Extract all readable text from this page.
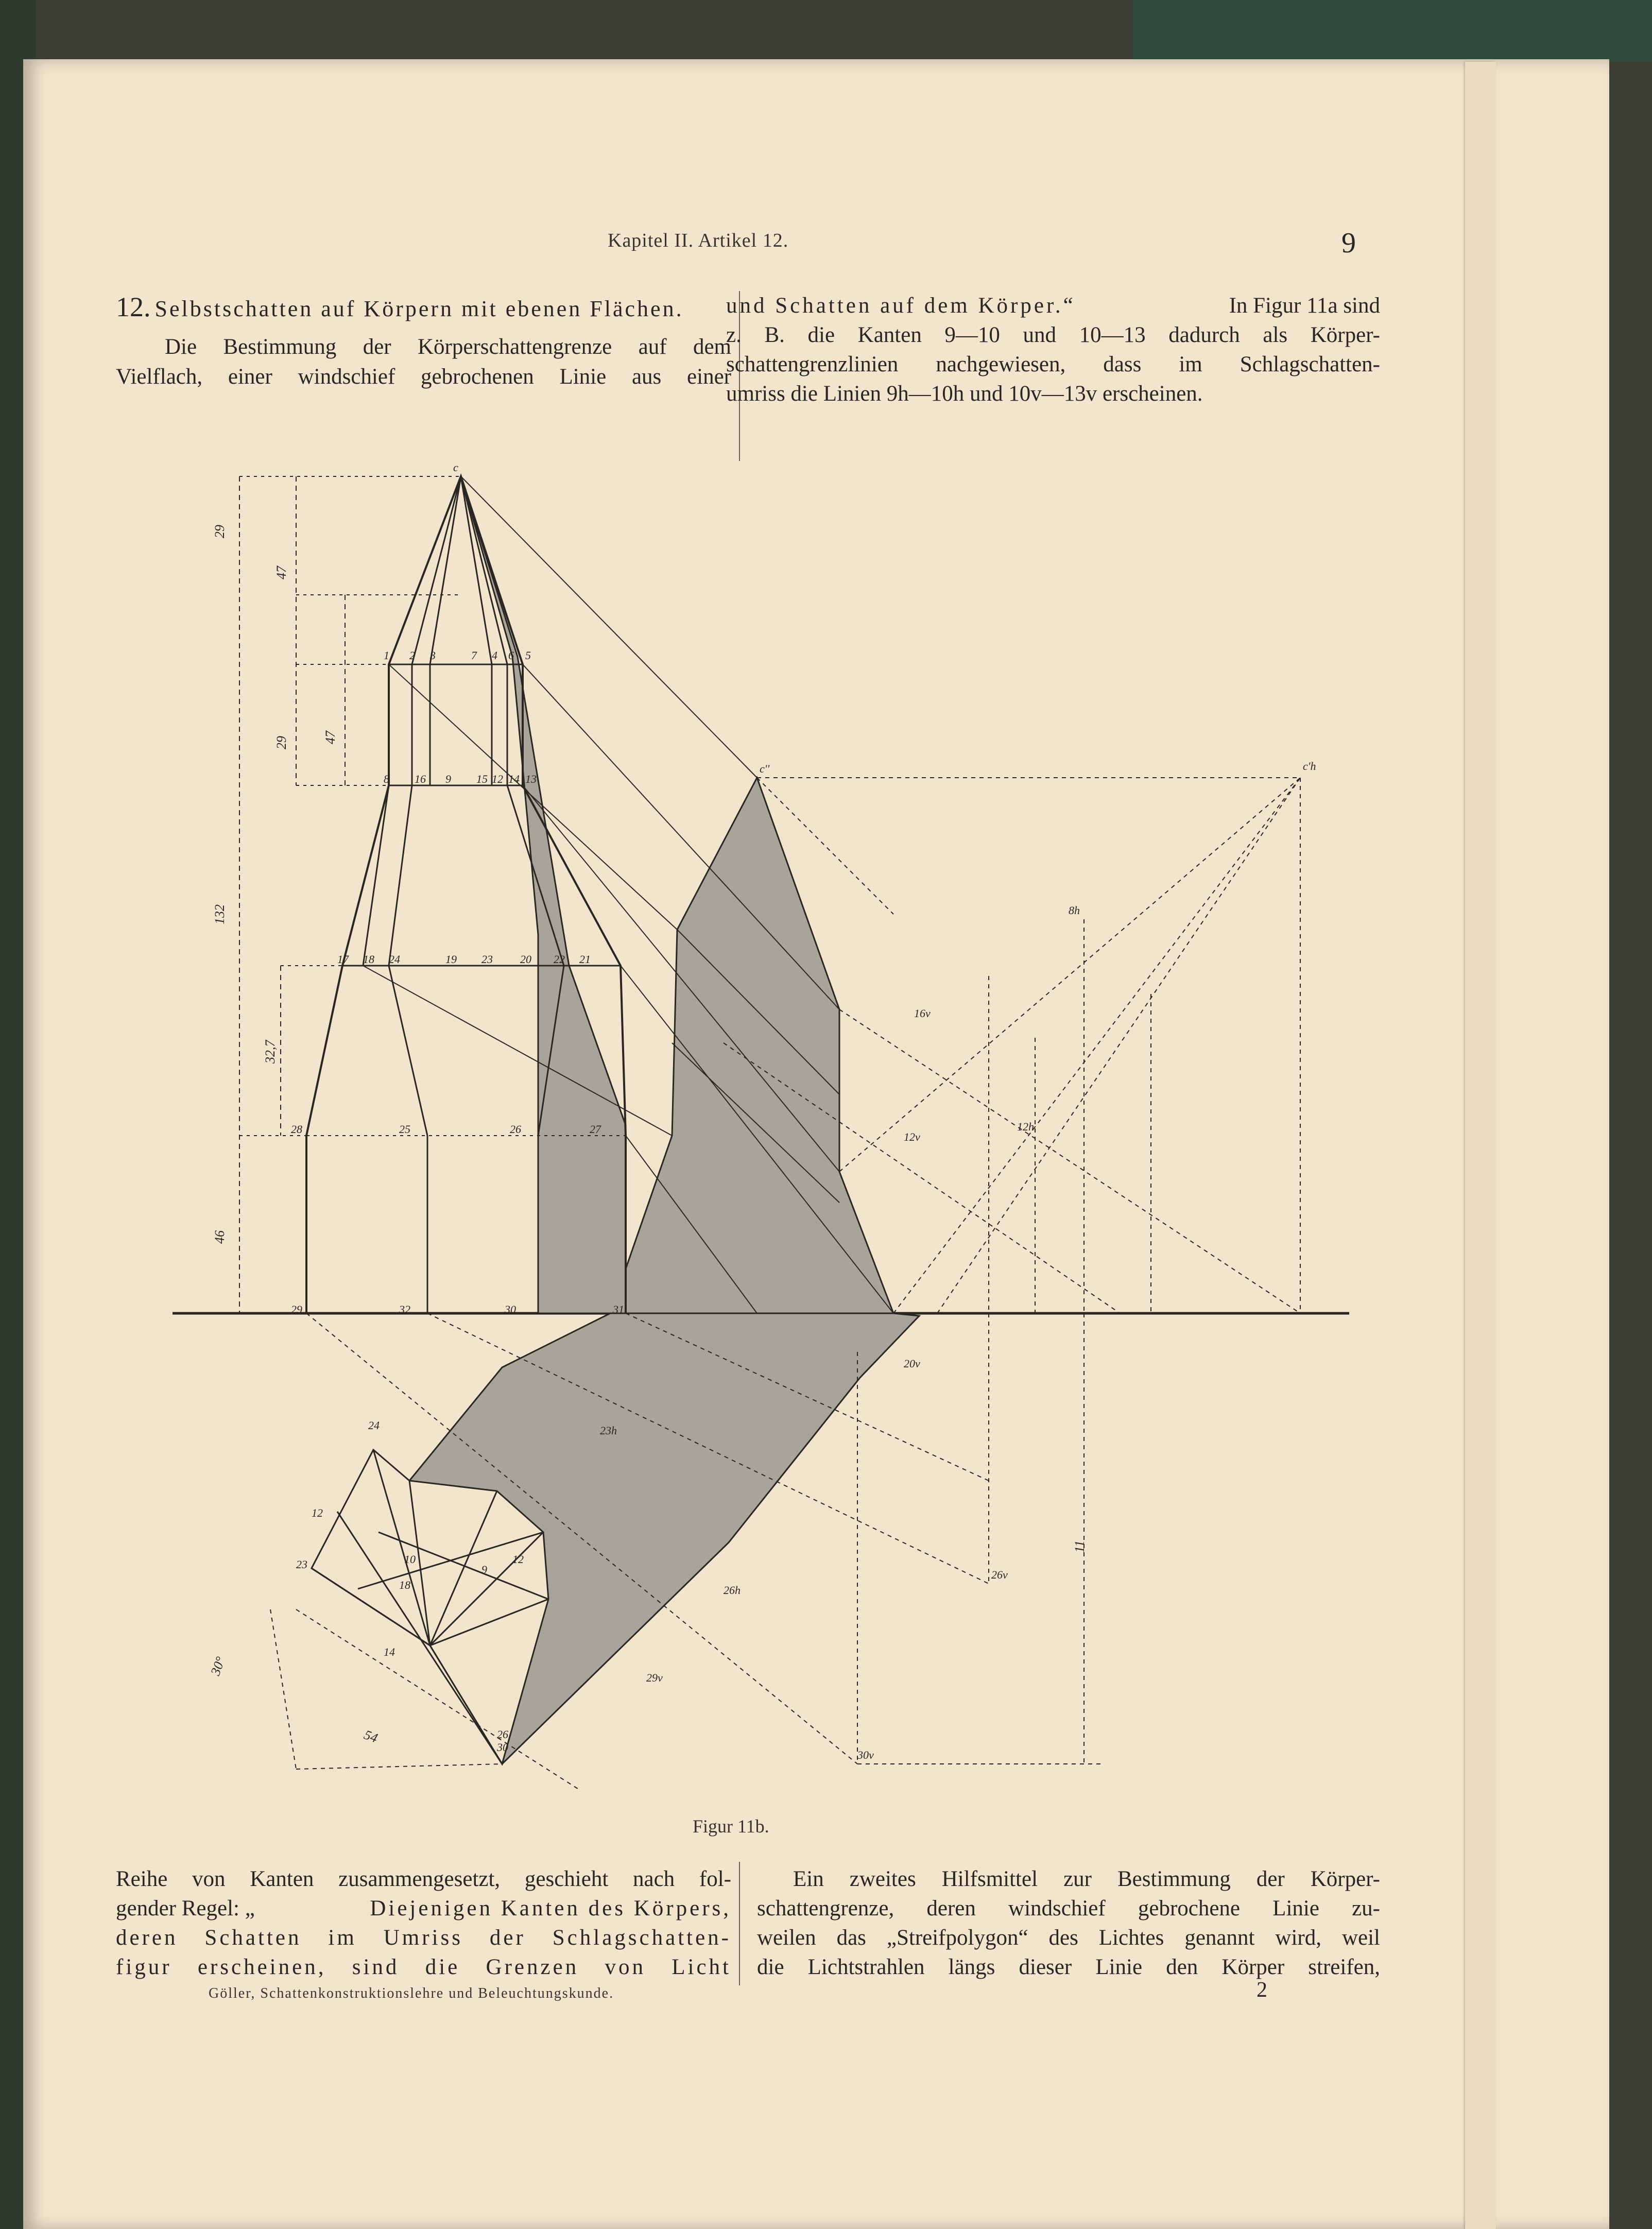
Kapitel II. Artikel 12.	9
12. Selbstschatten auf Körpern mit ebenen Flächen.
Die Bestimmung der Körperschattengrenze auf dem
Vielflach, einer windschief gebrochenen Linie aus einer
und Schatten auf dem Körper.“	In Figur 11a sind
z. B. die Kanten 9—10 und 10—13 dadurch als Körper-
schattengrenzlinien nachgewiesen, dass im Schlagschatten-
umriss die Linien 9h—10h und 10v—13v erscheinen.
c
c''	c'h
1 2 3	7 4 6 5
8 16 9 15 12 14 13
17 18 24	19 23 20 22 21
28	25	26	27
29	32	30	31
16v
12v
12h
8h
30v
26v
20v
29v
26h
23h
24
12
23
18
10	12
9
14
26
30
29
47
29	47
132
32,7
46
11
54
30°
Figur 11b.
Reihe von Kanten zusammengesetzt, geschieht nach fol-
gender Regel: „	Diejenigen Kanten des Körpers,
deren Schatten im Umriss der Schlagschatten-
figur erscheinen, sind die Grenzen von Licht
Ein zweites Hilfsmittel zur Bestimmung der Körper-
schattengrenze, deren windschief gebrochene Linie zu-
weilen das „Streifpolygon“ des Lichtes genannt wird, weil
die Lichtstrahlen längs dieser Linie den Körper streifen,
Göller, Schattenkonstruktionslehre und Beleuchtungskunde.	2
